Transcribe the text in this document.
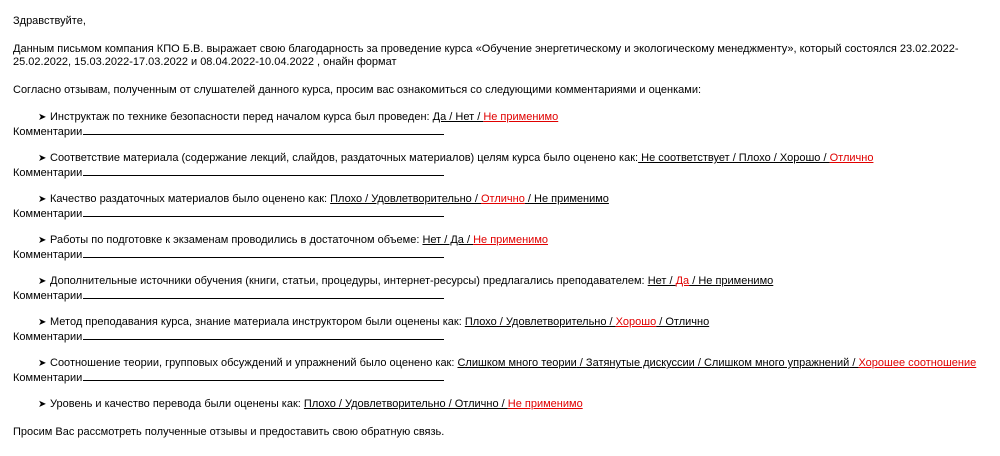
Здравствуйте,
Данным письмом компания КПО Б.В. выражает свою благодарность за проведение курса «Обучение энергетическому и экологическому менеджменту», который состоялся 23.02.2022-
25.02.2022, 15.03.2022-17.03.2022 и 08.04.2022-10.04.2022 , онайн формат
Согласно отзывам, полученным от слушателей данного курса, просим вас ознакомиться со следующими комментариями и оценками:
➤ Инструктаж по технике безопасности перед началом курса был проведен: Да / Нет / Не применимо
Комментарии
➤ Соответствие материала (содержание лекций, слайдов, раздаточных материалов) целям курса было оценено как: Не соответствует / Плохо / Хорошо / Отлично
Комментарии
➤ Качество раздаточных материалов было оценено как: Плохо / Удовлетворительно / Отлично / Не применимо
Комментарии
➤ Работы по подготовке к экзаменам проводились в достаточном объеме: Нет / Да / Не применимо
Комментарии
➤ Дополнительные источники обучения (книги, статьи, процедуры, интернет-ресурсы) предлагались преподавателем: Нет / Да / Не применимо
Комментарии
➤ Метод преподавания курса, знание материала инструктором были оценены как: Плохо / Удовлетворительно / Хорошо / Отлично
Комментарии
➤ Соотношение теории, групповых обсуждений и упражнений было оценено как: Слишком много теории / Затянутые дискуссии / Слишком много упражнений / Хорошее соотношение
Комментарии
➤ Уровень и качество перевода были оценены как: Плохо / Удовлетворительно / Отлично / Не применимо
Просим Вас рассмотреть полученные отзывы и предоставить свою обратную связь.
